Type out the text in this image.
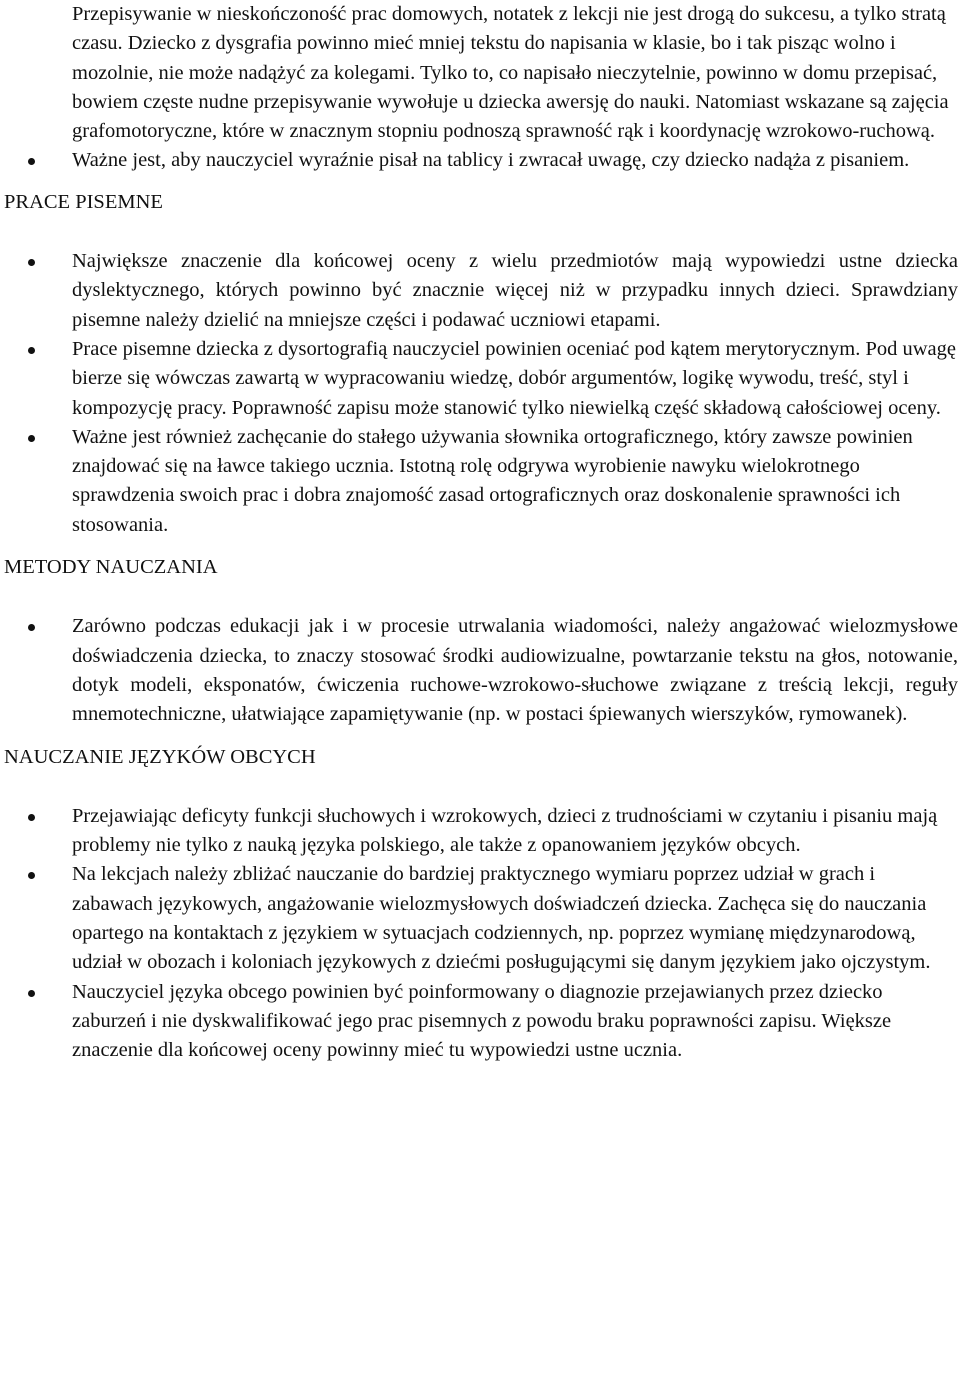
Przepisywanie w nieskończoność prac domowych, notatek z lekcji nie jest drogą do sukcesu, a tylko stratą czasu. Dziecko z dysgrafia powinno mieć mniej tekstu do napisania w klasie, bo i tak pisząc wolno i mozolnie, nie może nadążyć za kolegami. Tylko to, co napisało nieczytelnie, powinno w domu przepisać, bowiem częste nudne przepisywanie wywołuje u dziecka awersję do nauki. Natomiast wskazane są zajęcia grafomotoryczne, które w znacznym stopniu podnoszą sprawność rąk i koordynację wzrokowo-ruchową.

Ważne jest, aby nauczyciel wyraźnie pisał na tablicy i zwracał uwagę, czy dziecko nadąża z pisaniem.

PRACE PISEMNE

Największe znaczenie dla końcowej oceny z wielu przedmiotów mają wypowiedzi ustne dziecka dyslektycznego, których powinno być znacznie więcej niż w przypadku innych dzieci. Sprawdziany pisemne należy dzielić na mniejsze części i podawać uczniowi etapami.

Prace pisemne dziecka z dysortografią nauczyciel powinien oceniać pod kątem merytorycznym. Pod uwagę bierze się wówczas zawartą w wypracowaniu wiedzę, dobór argumentów, logikę wywodu, treść, styl i kompozycję pracy. Poprawność zapisu może stanowić tylko niewielką część składową całościowej oceny.

Ważne jest również zachęcanie do stałego używania słownika ortograficznego, który zawsze powinien znajdować się na ławce takiego ucznia. Istotną rolę odgrywa wyrobienie nawyku wielokrotnego sprawdzenia swoich prac i dobra znajomość zasad ortograficznych oraz doskonalenie sprawności ich stosowania.

METODY NAUCZANIA

Zarówno podczas edukacji jak i w procesie utrwalania wiadomości, należy angażować wielozmysłowe doświadczenia dziecka, to znaczy stosować środki audiowizualne, powtarzanie tekstu na głos, notowanie, dotyk modeli, eksponatów, ćwiczenia ruchowe-wzrokowo-słuchowe związane z treścią lekcji, reguły mnemotechniczne, ułatwiające zapamiętywanie (np. w postaci śpiewanych wierszyków, rymowanek).

NAUCZANIE JĘZYKÓW OBCYCH

Przejawiając deficyty funkcji słuchowych i wzrokowych, dzieci z trudnościami w czytaniu i pisaniu mają problemy nie tylko z nauką języka polskiego, ale także z opanowaniem języków obcych.

Na lekcjach należy zbliżać nauczanie do bardziej praktycznego wymiaru poprzez udział w grach i zabawach językowych, angażowanie wielozmysłowych doświadczeń dziecka. Zachęca się do nauczania opartego na kontaktach z językiem w sytuacjach codziennych, np. poprzez wymianę międzynarodową, udział w obozach i koloniach językowych z dziećmi posługującymi się danym językiem jako ojczystym.

Nauczyciel języka obcego powinien być poinformowany o diagnozie przejawianych przez dziecko zaburzeń i nie dyskwalifikować jego prac pisemnych z powodu braku poprawności zapisu. Większe znaczenie dla końcowej oceny powinny mieć tu wypowiedzi ustne ucznia.
